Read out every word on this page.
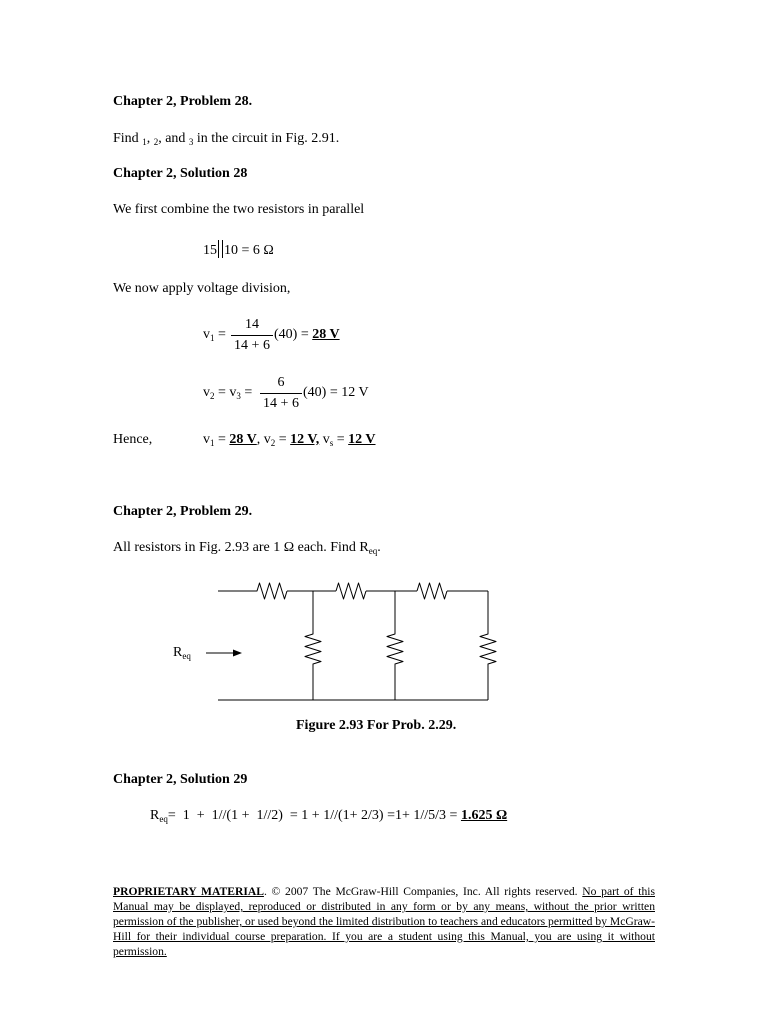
Chapter 2, Problem 28.
Find $_1$, $_2$, and $_3$ in the circuit in Fig. 2.91.
Chapter 2, Solution 28
We first combine the two resistors in parallel
15 10 = 6 Ω
We now apply voltage division,
$v_1$ =
14
14 + 6
(40) = 28 V
$v_2 = v_3$ =
6
14 + 6
(40) = 12 V
Hence,	$v_1 = 28$ V, $v_2 = 12$ V, $v_s = 12$ V
Chapter 2, Problem 29.
All resistors in Fig. 2.93 are 1 Ω each. Find $R_{eq}$.
$R_{eq}$
Figure 2.93 For Prob. 2.29.
Chapter 2, Solution 29
$R_{eq}= 1 + 1//(1 + 1//2) = 1 + 1//(1+ 2/3) =1+ 1//5/3 = 1.625$ Ω
PROPRIETARY MATERIAL. © 2007 The McGraw-Hill Companies, Inc. All rights reserved. No part of this Manual may be displayed, reproduced or distributed in any form or by any means, without the prior written permission of the publisher, or used beyond the limited distribution to teachers and educators permitted by McGraw-Hill for their individual course preparation. If you are a student using this Manual, you are using it without permission.
